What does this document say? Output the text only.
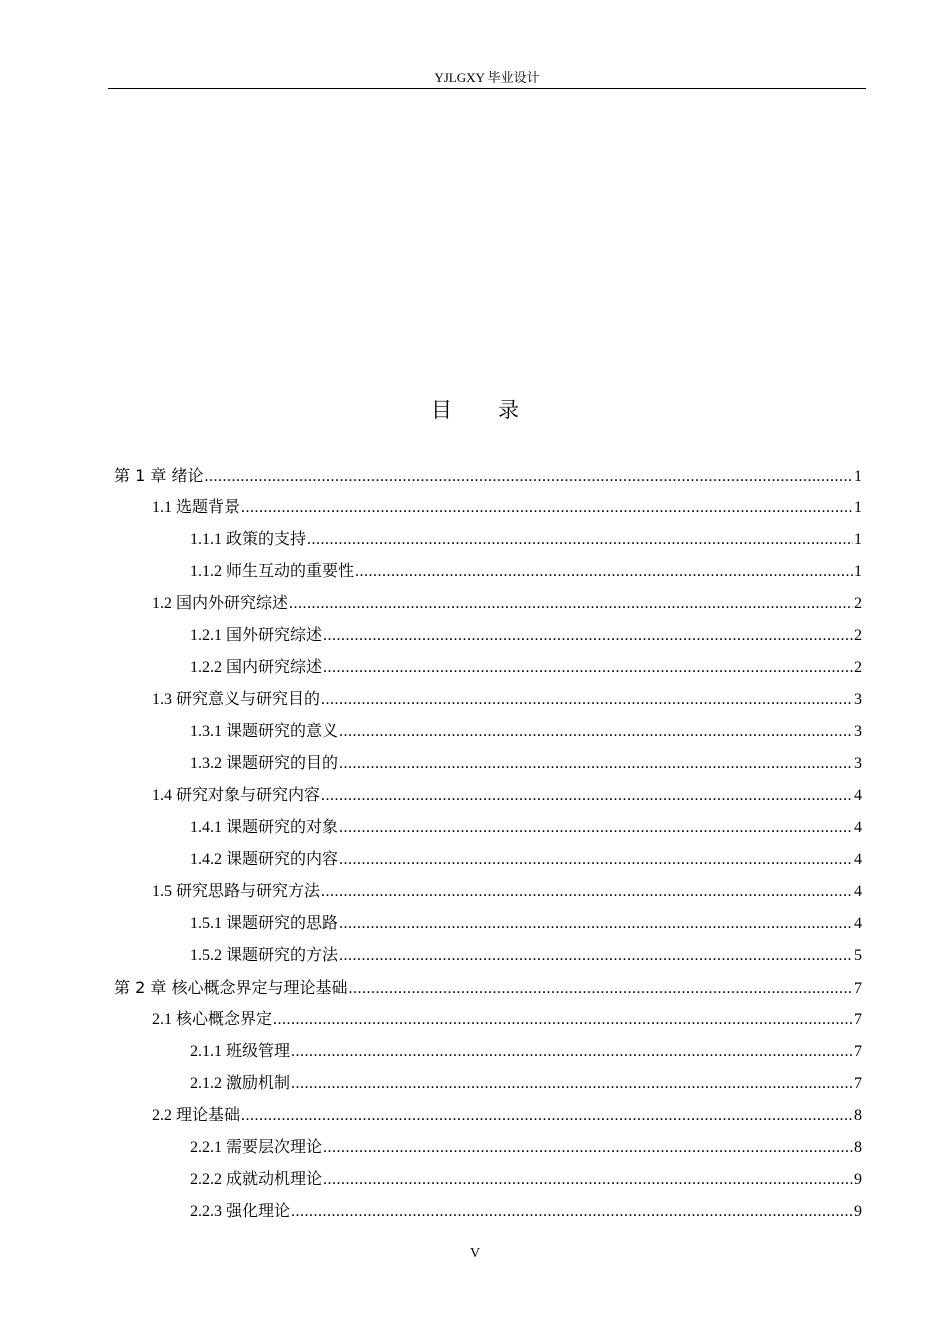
YJLGXY 毕业设计
目录
第 1 章 绪论 .....	1
1.1 选题背景 .....	1
1.1.1 政策的支持 .....	1
1.1.2 师生互动的重要性 .....	1
1.2 国内外研究综述 .....	2
1.2.1 国外研究综述 .....	2
1.2.2 国内研究综述 .....	2
1.3 研究意义与研究目的 .....	3
1.3.1 课题研究的意义 .....	3
1.3.2 课题研究的目的 .....	3
1.4 研究对象与研究内容 .....	4
1.4.1 课题研究的对象 .....	4
1.4.2 课题研究的内容 .....	4
1.5 研究思路与研究方法 .....	4
1.5.1 课题研究的思路 .....	4
1.5.2 课题研究的方法 .....	5
第 2 章 核心概念界定与理论基础 .....	7
2.1 核心概念界定 .....	7
2.1.1 班级管理 .....	7
2.1.2 激励机制 .....	7
2.2 理论基础 .....	8
2.2.1 需要层次理论 .....	8
2.2.2 成就动机理论 .....	9
2.2.3 强化理论 .....	9
V
